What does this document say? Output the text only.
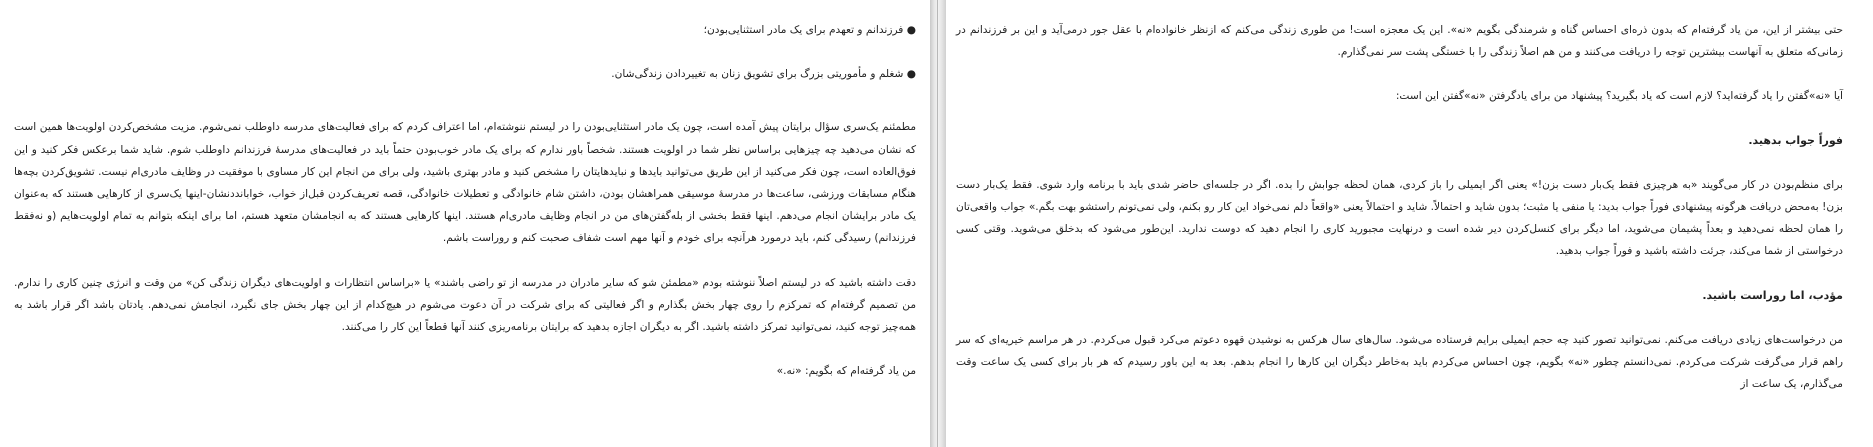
● فرزندانم و تعهدم برای یک مادر استثنایی‌بودن؛

● شغلم و مأموریتی بزرگ برای تشویق زنان به تغییردادن زندگی‌شان.

مطمئنم یک‌سری سؤال برایتان پیش آمده است، چون یک مادر استثنایی‌بودن را در لیستم ننوشته‌ام، اما اعتراف کردم که برای فعالیت‌های مدرسه داوطلب نمی‌شوم. مزیت مشخص‌کردن اولویت‌ها همین است که نشان می‌دهید چه چیزهایی براساس نظر شما در اولویت هستند. شخصاً باور ندارم که برای یک مادر خوب‌بودن حتماً باید در فعالیت‌های مدرسهٔ فرزندانم داوطلب شوم. شاید شما برعکس فکر کنید و این فوق‌العاده است، چون فکر می‌کنید از این طریق می‌توانید بایدها و نبایدهایتان را مشخص کنید و مادر بهتری باشید، ولی برای من انجام این کار مساوی با موفقیت در وظایف مادری‌ام نیست. تشویق‌کردن بچه‌ها هنگام مسابقات ورزشی، ساعت‌ها در مدرسهٔ موسیقی همراهشان بودن، داشتن شام خانوادگی و تعطیلات خانوادگی، قصه تعریف‌کردن قبل‌از خواب، خوابانددنشان-اینها یک‌سری از کارهایی هستند که به‌عنوان یک مادر برایشان انجام می‌دهم. اینها فقط بخشی از بله‌گفتن‌های من در انجام وظایف مادری‌ام هستند. اینها کارهایی هستند که به انجامشان متعهد هستم، اما برای اینکه بتوانم به تمام اولویت‌هایم (و نه‌فقط فرزندانم) رسیدگی کنم، باید درمورد هرآنچه برای خودم و آنها مهم است شفاف صحبت کنم و روراست باشم.

دقت داشته باشید که در لیستم اصلاً ننوشته بودم «مطمئن شو که سایر مادران در مدرسه از تو راضی باشند» یا «براساس انتظارات و اولویت‌های دیگران زندگی کن» من وقت و انرژی چنین کاری را ندارم. من تصمیم گرفته‌ام که تمرکزم را روی چهار بخش بگذارم و اگر فعالیتی که برای شرکت در آن دعوت می‌شوم در هیچ‌کدام از این چهار بخش جای نگیرد، انجامش نمی‌دهم. یادتان باشد اگر قرار باشد به همه‌چیز توجه کنید، نمی‌توانید تمرکز داشته باشید. اگر به دیگران اجازه بدهید که برایتان برنامه‌ریزی کنند آنها قطعاً این کار را می‌کنند.

من یاد گرفته‌ام که بگویم: «نه.»

حتی بیشتر از این، من یاد گرفته‌ام که بدون ذره‌ای احساس گناه و شرمندگی بگویم «نه». این یک معجزه است! من طوری زندگی می‌کنم که ازنظر خانواده‌ام با عقل جور درمی‌آید و این بر فرزندانم در زمانی‌که متعلق به آنهاست بیشترین توجه را دریافت می‌کنند و من هم اصلاً زندگی را با خستگی پشت سر نمی‌گذارم.

آیا «نه»گفتن را یاد گرفته‌اید؟ لازم است که یاد بگیرید؟ پیشنهاد من برای یادگرفتن «نه»گفتن این است:

فوراً جواب بدهید.

برای منظم‌بودن در کار می‌گویند «به هرچیزی فقط یک‌بار دست بزن!» یعنی اگر ایمیلی را باز کردی، همان لحظه جوابش را بده. اگر در جلسه‌ای حاضر شدی باید با برنامه وارد شوی. فقط یک‌بار دست بزن! به‌محض دریافت هرگونه پیشنهادی فوراً جواب بدید: یا منفی یا مثبت؛ بدون شاید و احتمالاً. شاید و احتمالاً یعنی «واقعاً دلم نمی‌خواد این کار رو بکنم، ولی نمی‌تونم راستشو بهت بگم.» جواب واقعی‌تان را همان لحظه نمی‌دهید و بعداً پشیمان می‌شوید، اما دیگر برای کنسل‌کردن دیر شده است و درنهایت مجبورید کاری را انجام دهید که دوست ندارید. این‌طور می‌شود که بدخلق می‌شوید. وقتی کسی درخواستی از شما می‌کند، جرئت داشته باشید و فوراً جواب بدهید.

مؤدب، اما روراست باشید.

من درخواست‌های زیادی دریافت می‌کنم. نمی‌توانید تصور کنید چه حجم ایمیلی برایم فرستاده می‌شود. سال‌های سال هرکس به نوشیدن قهوه دعوتم می‌کرد قبول می‌کردم. در هر مراسم خیریه‌ای که سر راهم قرار می‌گرفت شرکت می‌کردم. نمی‌دانستم چطور «نه» بگویم، چون احساس می‌کردم باید به‌خاطر دیگران این کارها را انجام بدهم. بعد به این باور رسیدم که هر بار برای کسی یک ساعت وقت می‌گذارم، یک ساعت از
